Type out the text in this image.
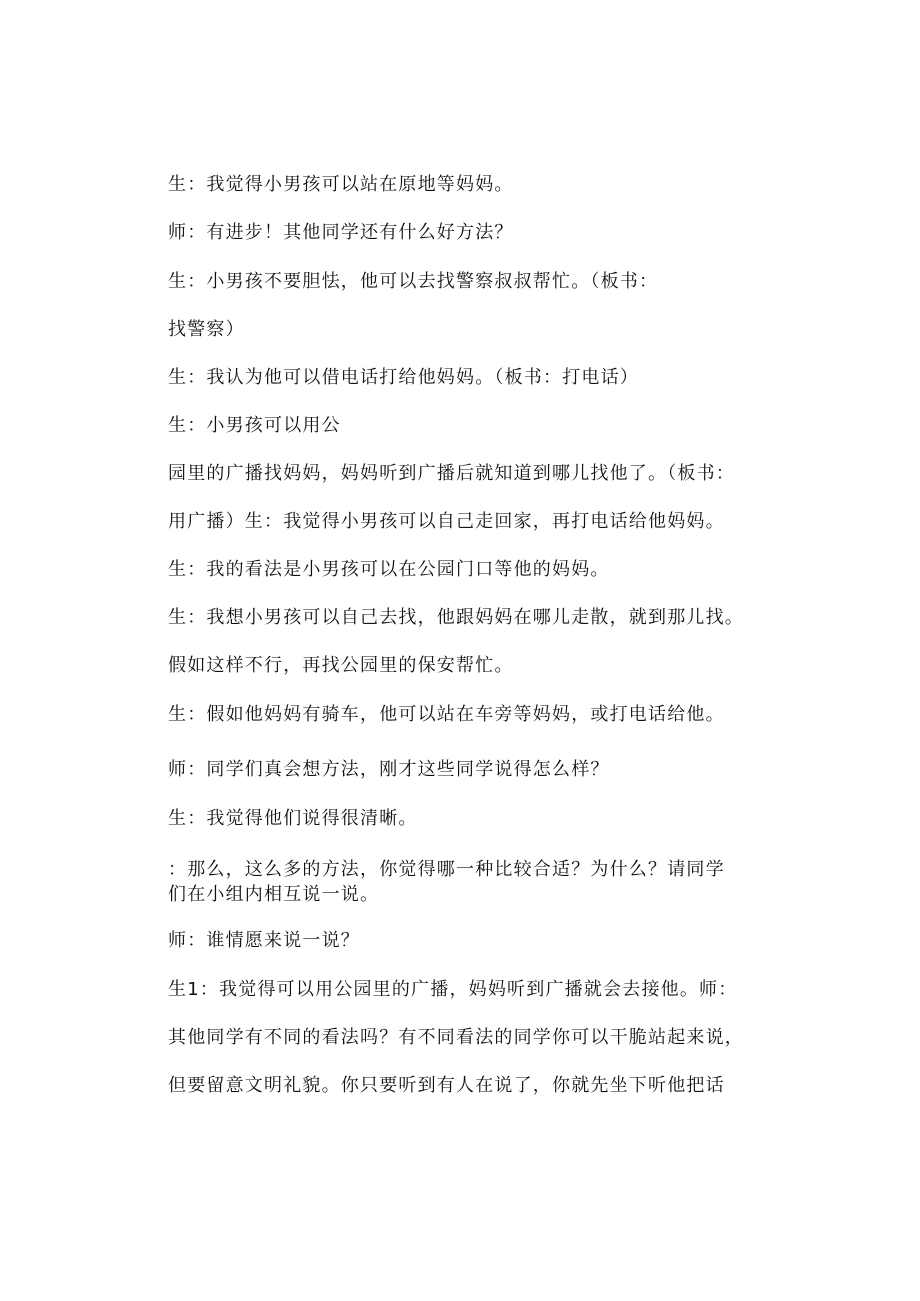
生：我觉得小男孩可以站在原地等妈妈。
师：有进步！其他同学还有什么好方法？
生：小男孩不要胆怯，他可以去找警察叔叔帮忙。（板书：
找警察）
生：我认为他可以借电话打给他妈妈。（板书：打电话）
生：小男孩可以用公
园里的广播找妈妈，妈妈听到广播后就知道到哪儿找他了。（板书：
用广播）生：我觉得小男孩可以自己走回家，再打电话给他妈妈。
生：我的看法是小男孩可以在公园门口等他的妈妈。
生：我想小男孩可以自己去找，他跟妈妈在哪儿走散，就到那儿找。
假如这样不行，再找公园里的保安帮忙。
生：假如他妈妈有骑车，他可以站在车旁等妈妈，或打电话给他。
师：同学们真会想方法，刚才这些同学说得怎么样？
生：我觉得他们说得很清晰。
：那么，这么多的方法，你觉得哪一种比较合适？为什么？请同学
们在小组内相互说一说。
师：谁情愿来说一说？
生1：我觉得可以用公园里的广播，妈妈听到广播就会去接他。师：
其他同学有不同的看法吗？有不同看法的同学你可以干脆站起来说，
但要留意文明礼貌。你只要听到有人在说了，你就先坐下听他把话
